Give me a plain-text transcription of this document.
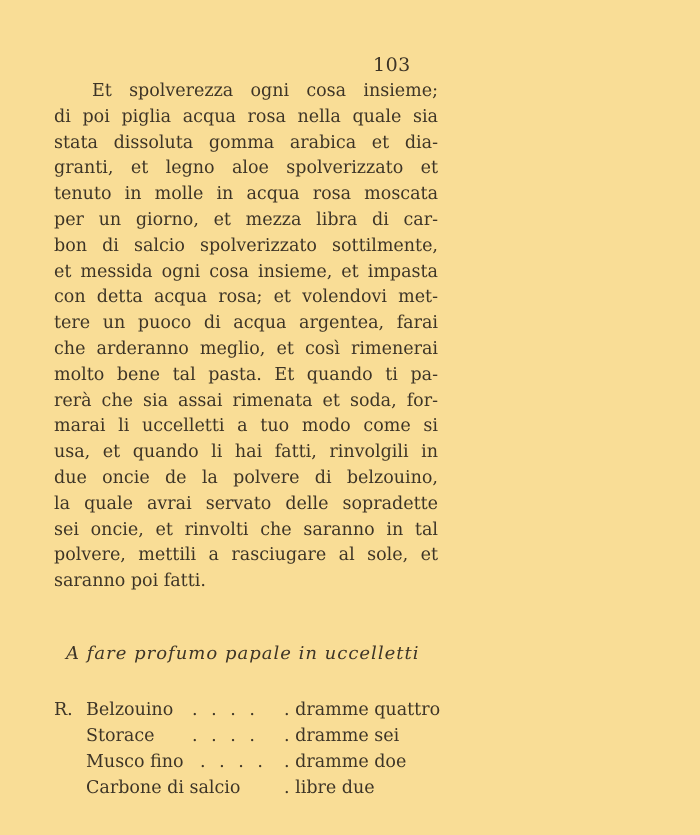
103
Et spolverezza ogni cosa insieme;
di poi piglia acqua rosa nella quale sia
stata dissoluta gomma arabica et dia-
granti, et legno aloe spolverizzato et
tenuto in molle in acqua rosa moscata
per un giorno, et mezza libra di car-
bon di salcio spolverizzato sottilmente,
et messida ogni cosa insieme, et impasta
con detta acqua rosa; et volendovi met-
tere un puoco di acqua argentea, farai
che arderanno meglio, et così rimenerai
molto bene tal pasta. Et quando ti pa-
rerà che sia assai rimenata et soda, for-
marai li uccelletti a tuo modo come si
usa, et quando li hai fatti, rinvolgili in
due oncie de la polvere di belzouino,
la quale avrai servato delle sopradette
sei oncie, et rinvolti che saranno in tal
polvere, mettili a rasciugare al sole, et
saranno poi fatti.
A fare profumo papale in uccelletti
R. Belzouino . . . . . dramme quattro
Storace . . . . . dramme sei
Musco fino . . . . . dramme doe
Carbone di salcio . libre due
